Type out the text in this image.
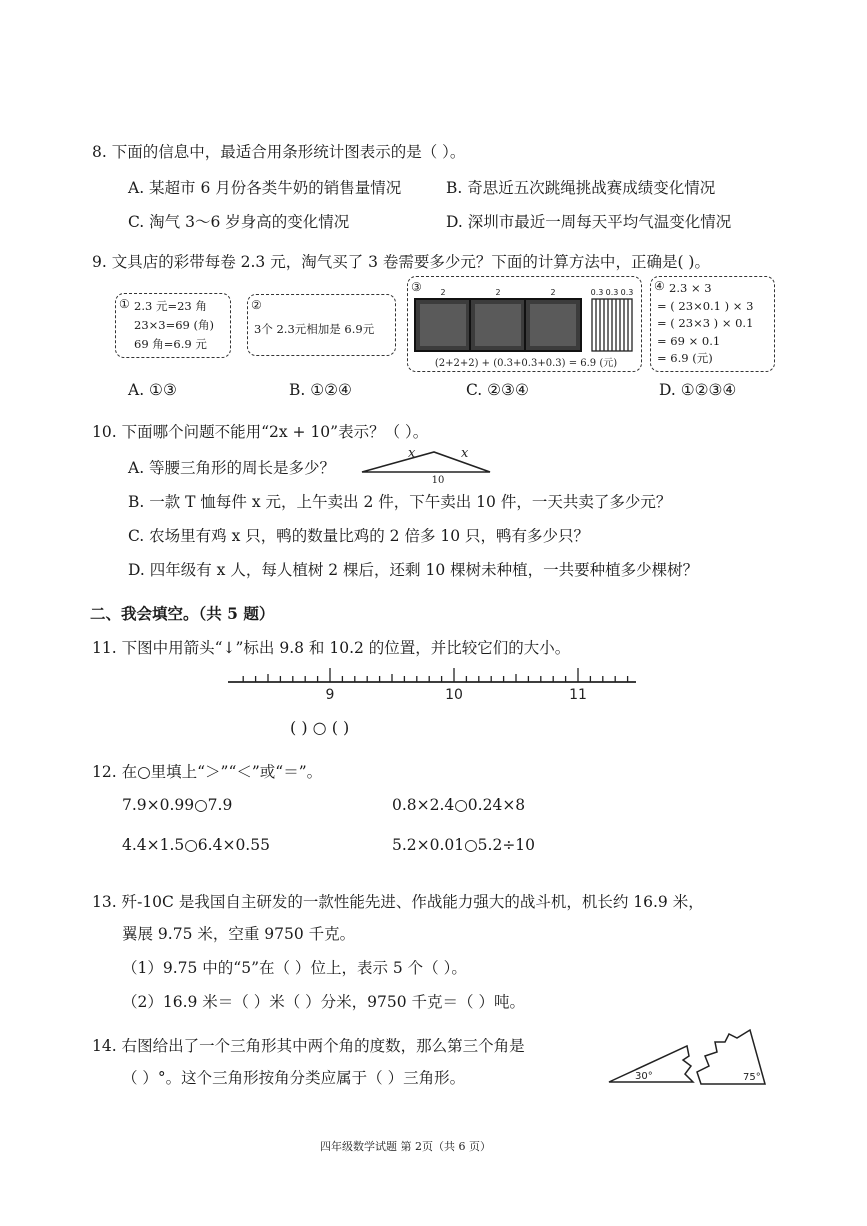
8. 下面的信息中，最适合用条形统计图表示的是（ ）。
A. 某超市 6 月份各类牛奶的销售量情况	B. 奇思近五次跳绳挑战赛成绩变化情况
C. 淘气 3～6 岁身高的变化情况	D. 深圳市最近一周每天平均气温变化情况
9. 文具店的彩带每卷 2.3 元，淘气买了 3 卷需要多少元？下面的计算方法中，正确是( )。
① 2.3 元=23 角
23×3=69 (角)
69 角=6.9 元
②
3个 2.3元相加是 6.9元
③ 2	2	2	0.3 0.3 0.3
(2+2+2) + (0.3+0.3+0.3) = 6.9 (元)
④ 2.3 × 3
= ( 23×0.1 ) × 3
= ( 23×3 ) × 0.1
= 69 × 0.1
= 6.9 (元)
A. ①③	B. ①②④	C. ②③④	D. ①②③④
10. 下面哪个问题不能用“2x + 10”表示？（ ）。
A. 等腰三角形的周长是多少？
x	x
10
B. 一款 T 恤每件 x 元，上午卖出 2 件，下午卖出 10 件，一天共卖了多少元？
C. 农场里有鸡 x 只，鸭的数量比鸡的 2 倍多 10 只，鸭有多少只？
D. 四年级有 x 人，每人植树 2 棵后，还剩 10 棵树未种植，一共要种植多少棵树？
二、我会填空。（共 5 题）
11. 下图中用箭头“↓”标出 9.8 和 10.2 的位置，并比较它们的大小。
9	10	11
( ) ○ ( )
12. 在○里填上“＞”“＜”或“＝”。
7.9×0.99○7.9	0.8×2.4○0.24×8
4.4×1.5○6.4×0.55	5.2×0.01○5.2÷10
13. 歼-10C 是我国自主研发的一款性能先进、作战能力强大的战斗机，机长约 16.9 米，
翼展 9.75 米，空重 9750 千克。
（1）9.75 中的“5”在（ ）位上，表示 5 个（ ）。
（2）16.9 米＝（ ）米（ ）分米，9750 千克＝（ ）吨。
14. 右图给出了一个三角形其中两个角的度数，那么第三个角是
（ ）°。这个三角形按角分类应属于（ ）三角形。	30°	75°
四年级数学试题 第 2页（共 6 页）
